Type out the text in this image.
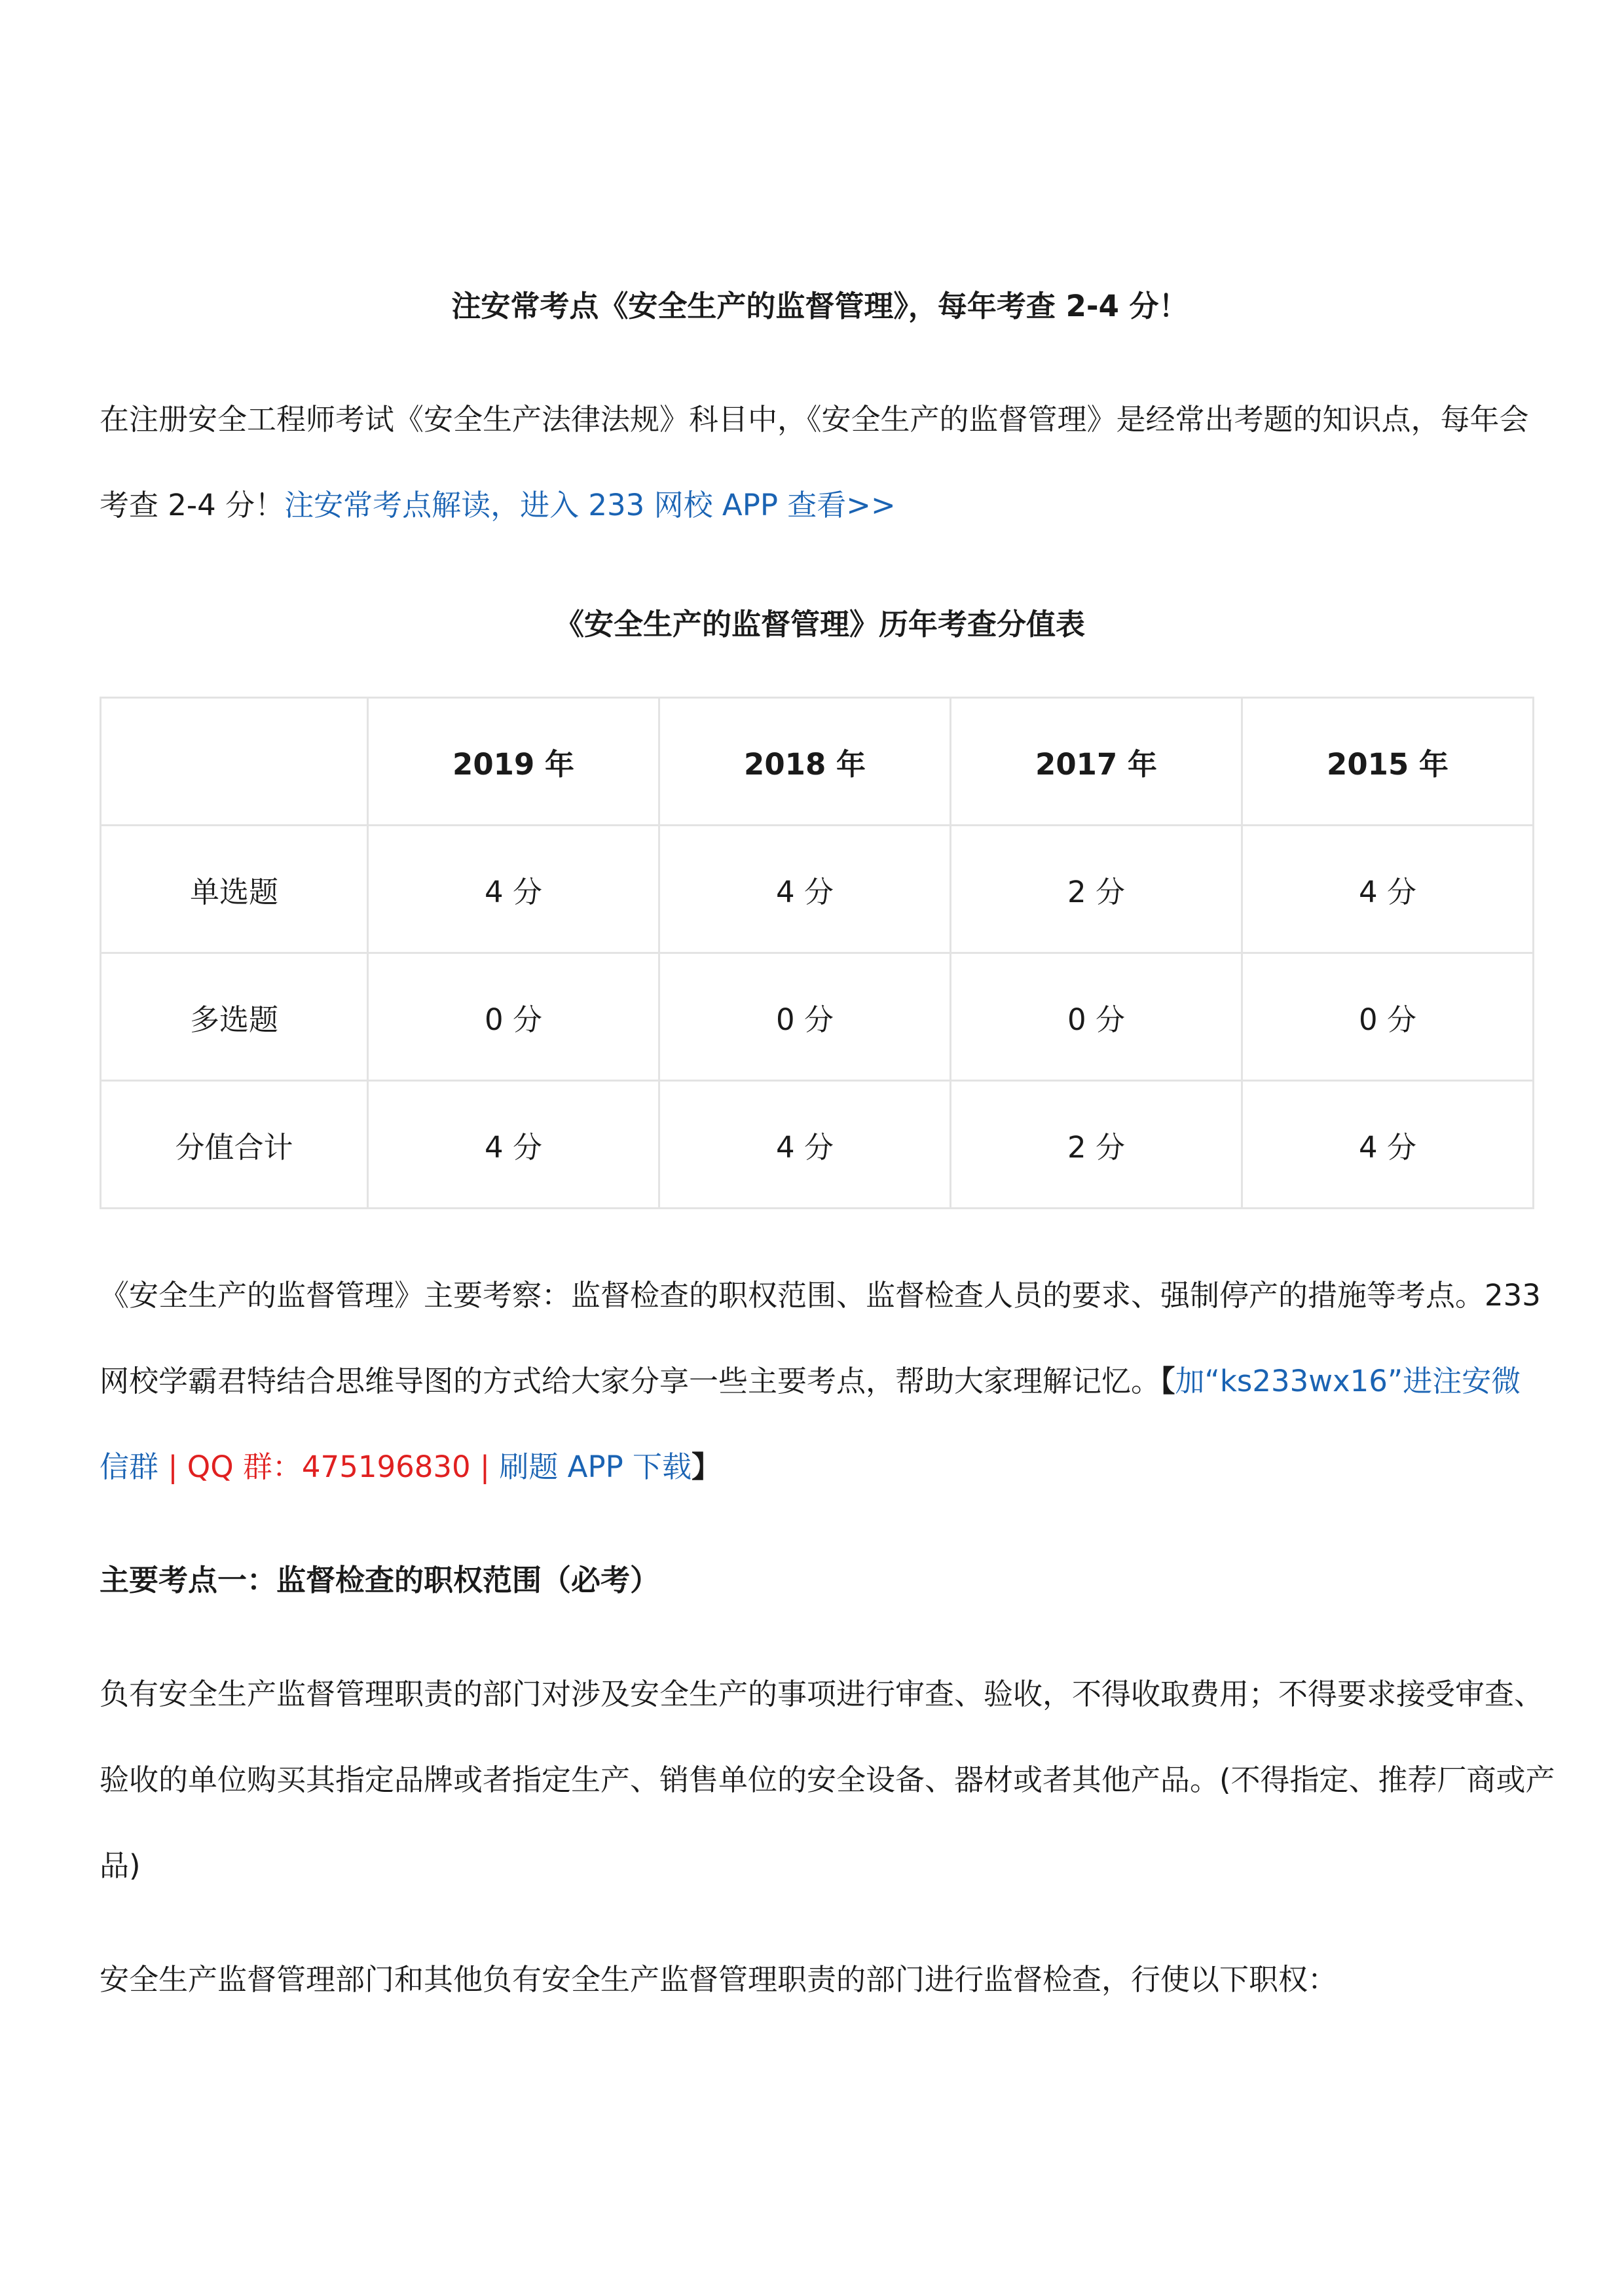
注安常考点《安全生产的监督管理》，每年考查 2-4 分！
在注册安全工程师考试《安全生产法律法规》科目中，《安全生产的监督管理》是经常出考题的知识点，每年会
考查 2-4 分！注安常考点解读，进入 233 网校 APP 查看>>
《安全生产的监督管理》历年考查分值表
	2019 年	2018 年	2017 年	2015 年
单选题	4 分	4 分	2 分	4 分
多选题	0 分	0 分	0 分	0 分
分值合计	4 分	4 分	2 分	4 分
《安全生产的监督管理》主要考察：监督检查的职权范围、监督检查人员的要求、强制停产的措施等考点。233
网校学霸君特结合思维导图的方式给大家分享一些主要考点，帮助大家理解记忆。【加“ks233wx16”进注安微
信群 | QQ 群：475196830 | 刷题 APP 下载】
主要考点一：监督检查的职权范围（必考）
负有安全生产监督管理职责的部门对涉及安全生产的事项进行审查、验收，不得收取费用；不得要求接受审查、
验收的单位购买其指定品牌或者指定生产、销售单位的安全设备、器材或者其他产品。(不得指定、推荐厂商或产
品)
安全生产监督管理部门和其他负有安全生产监督管理职责的部门进行监督检查，行使以下职权：
